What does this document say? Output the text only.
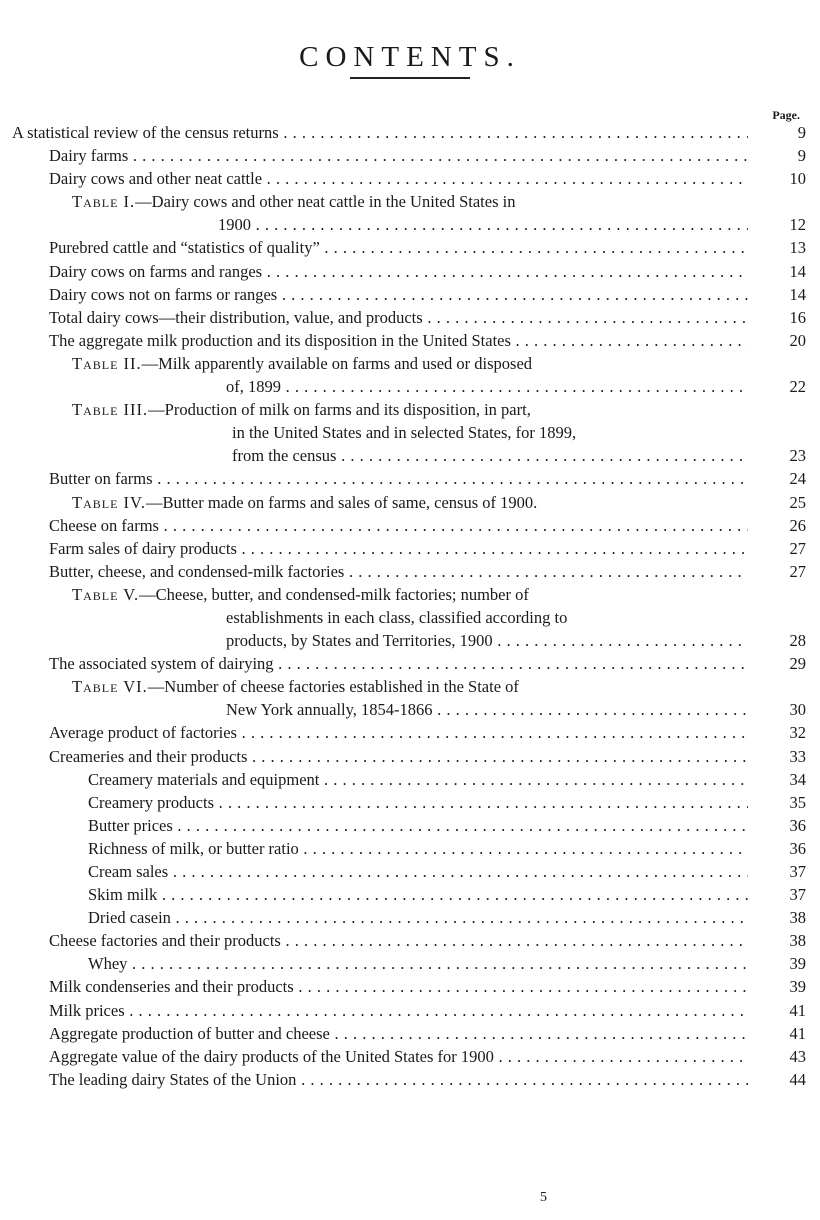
CONTENTS.
Page.
A statistical review of the census returns . . .	9
Dairy farms . . .	9
Dairy cows and other neat cattle . . .	10
Table I.—Dairy cows and other neat cattle in the United States in
1900 . . .	12
Purebred cattle and “statistics of quality” . . .	13
Dairy cows on farms and ranges . . .	14
Dairy cows not on farms or ranges . . .	14
Total dairy cows—their distribution, value, and products . . .	16
The aggregate milk production and its disposition in the United States . . .	20
Table II.—Milk apparently available on farms and used or disposed
of, 1899 . . .	22
Table III.—Production of milk on farms and its disposition, in part,
in the United States and in selected States, for 1899,
from the census . . .	23
Butter on farms . . .	24
Table IV.—Butter made on farms and sales of same, census of 1900.	25
Cheese on farms . . .	26
Farm sales of dairy products . . .	27
Butter, cheese, and condensed-milk factories . . .	27
Table V.—Cheese, butter, and condensed-milk factories; number of
establishments in each class, classified according to
products, by States and Territories, 1900 . . .	28
The associated system of dairying . . .	29
Table VI.—Number of cheese factories established in the State of
New York annually, 1854-1866 . . .	30
Average product of factories . . .	32
Creameries and their products . . .	33
Creamery materials and equipment . . .	34
Creamery products . . .	35
Butter prices . . .	36
Richness of milk, or butter ratio . . .	36
Cream sales . . .	37
Skim milk . . .	37
Dried casein . . .	38
Cheese factories and their products . . .	38
Whey . . .	39
Milk condenseries and their products . . .	39
Milk prices . . .	41
Aggregate production of butter and cheese . . .	41
Aggregate value of the dairy products of the United States for 1900 . . .	43
The leading dairy States of the Union . . .	44
5
